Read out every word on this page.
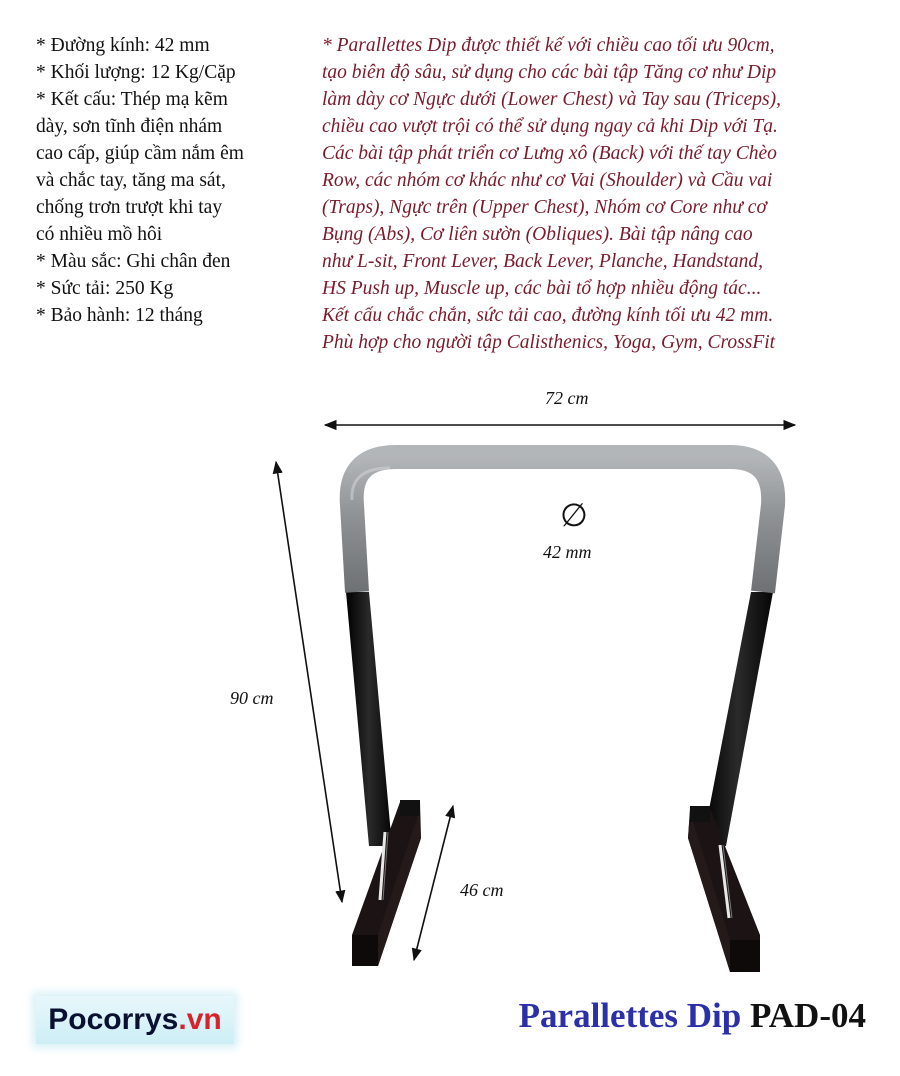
* Đường kính: 42 mm
* Khối lượng: 12 Kg/Cặp
* Kết cấu: Thép mạ kẽm
dày, sơn tĩnh điện nhám
cao cấp, giúp cầm nắm êm
và chắc tay, tăng ma sát,
chống trơn trượt khi tay
có nhiều mồ hôi
* Màu sắc: Ghi chân đen
* Sức tải: 250 Kg
* Bảo hành: 12 tháng
* Parallettes Dip được thiết kế với chiều cao tối ưu 90cm,
tạo biên độ sâu, sử dụng cho các bài tập Tăng cơ như Dip
làm dày cơ Ngực dưới (Lower Chest) và Tay sau (Triceps),
chiều cao vượt trội có thể sử dụng ngay cả khi Dip với Tạ.
Các bài tập phát triển cơ Lưng xô (Back) với thế tay Chèo
Row, các nhóm cơ khác như cơ Vai (Shoulder) và Cầu vai
(Traps), Ngực trên (Upper Chest), Nhóm cơ Core như cơ
Bụng (Abs), Cơ liên sườn (Obliques). Bài tập nâng cao
như L-sit, Front Lever, Back Lever, Planche, Handstand,
HS Push up, Muscle up, các bài tổ hợp nhiều động tác...
Kết cấu chắc chắn, sức tải cao, đường kính tối ưu 42 mm.
Phù hợp cho người tập Calisthenics, Yoga, Gym, CrossFit
72 cm
∅
42 mm
90 cm
46 cm
Pocorrys .vn	Parallettes Dip PAD-04
